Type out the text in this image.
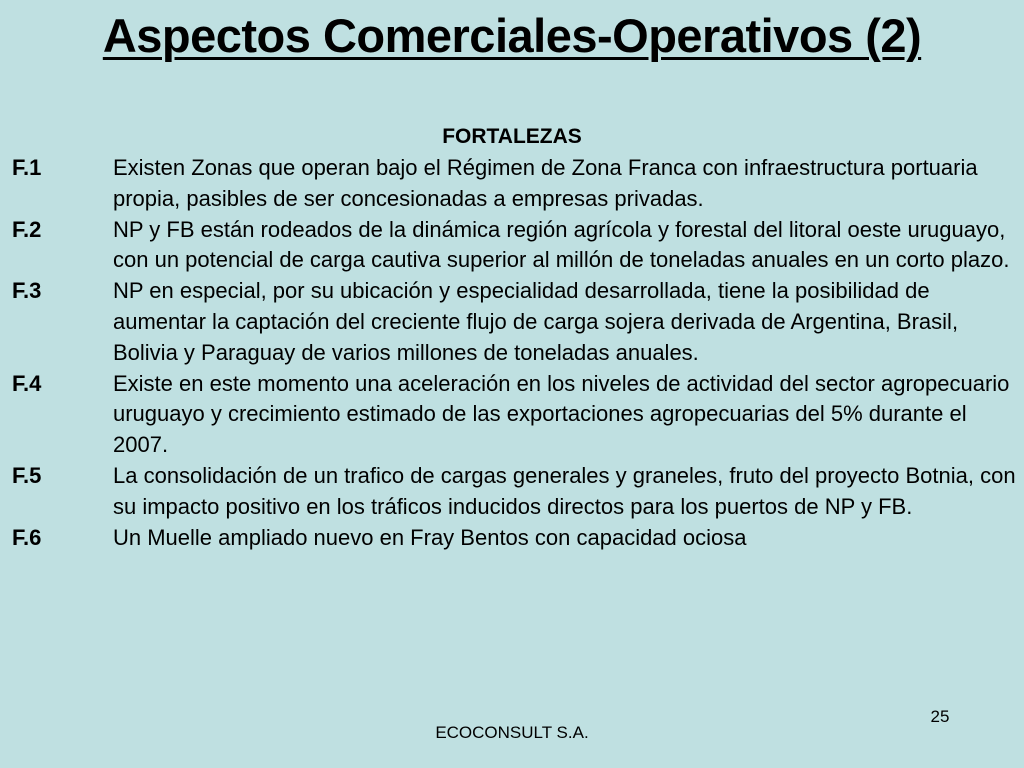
Aspectos Comerciales-Operativos (2)
FORTALEZAS
F.1	Existen Zonas que operan bajo el Régimen de Zona Franca con infraestructura portuaria propia, pasibles de ser concesionadas a empresas privadas.
F.2	NP y FB están rodeados de la dinámica región agrícola y forestal del litoral oeste uruguayo, con un potencial de carga cautiva superior al millón de toneladas anuales en un corto plazo.
F.3	NP en especial, por su ubicación y especialidad desarrollada, tiene la posibilidad de aumentar la captación del creciente flujo de carga sojera derivada de Argentina, Brasil, Bolivia y Paraguay de varios millones de toneladas anuales.
F.4	Existe en este momento una aceleración en los niveles de actividad del sector agropecuario uruguayo y crecimiento estimado de las exportaciones agropecuarias del 5% durante el 2007.
F.5	La consolidación de un trafico de cargas generales y graneles, fruto del proyecto Botnia, con su impacto positivo en los tráficos inducidos directos para los puertos de NP y FB.
F.6	Un Muelle ampliado nuevo en Fray Bentos con capacidad ociosa
25
ECOCONSULT S.A.
